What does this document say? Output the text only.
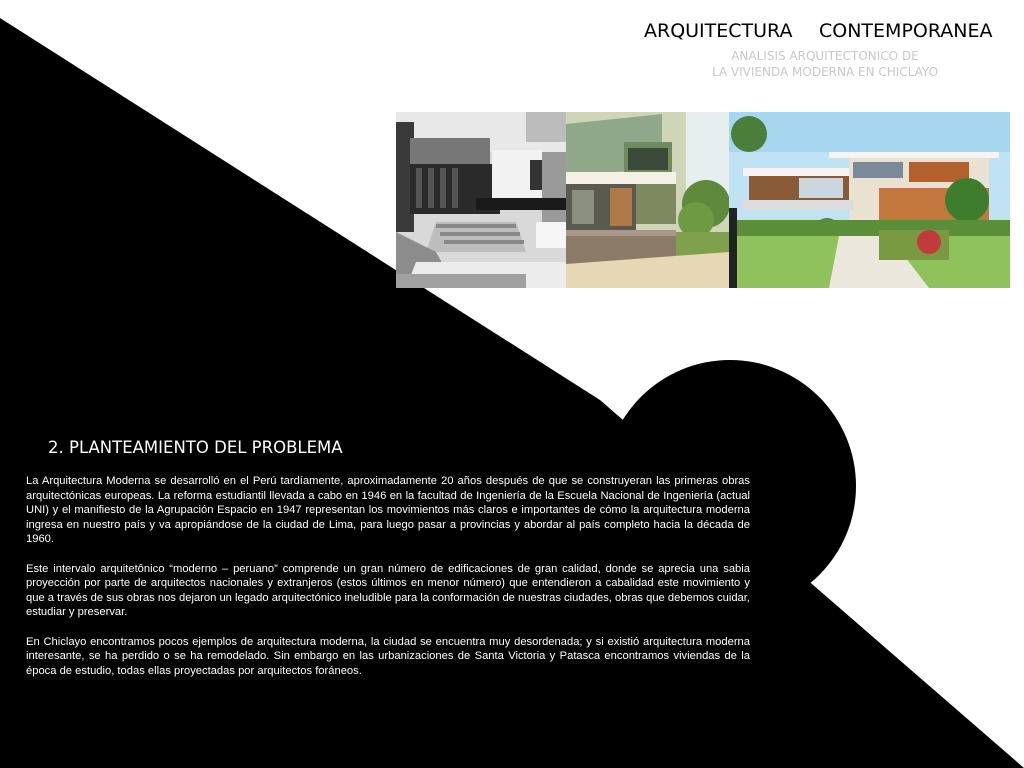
ARQUITECTURA CONTEMPORANEA
ANALISIS ARQUITECTONICO DE
LA VIVIENDA MODERNA EN CHICLAYO
2. PLANTEAMIENTO DEL PROBLEMA

La Arquitectura Moderna se desarrolló en el Perú tardíamente, aproximadamente 20 años después de que se construyeran las primeras obras arquitectónicas europeas. La reforma estudiantil llevada a cabo en 1946 en la facultad de Ingeniería de la Escuela Nacional de Ingeniería (actual UNI) y el manifiesto de la Agrupación Espacio en 1947 representan los movimientos más claros e importantes de cómo la arquitectura moderna ingresa en nuestro país y va apropiándose de la ciudad de Lima, para luego pasar a provincias y abordar al país completo hacia la década de 1960.

Este intervalo arquitetônico “moderno – peruano” comprende un gran número de edificaciones de gran calidad, donde se aprecia una sabia proyección por parte de arquitectos nacionales y extranjeros (estos últimos en menor número) que entendieron a cabalidad este movimiento y que a través de sus obras nos dejaron un legado arquitectónico ineludible para la conformación de nuestras ciudades, obras que debemos cuidar, estudiar y preservar.

En Chiclayo encontramos pocos ejemplos de arquitectura moderna, la ciudad se encuentra muy desordenada; y si existió arquitectura moderna interesante, se ha perdido o se ha remodelado. Sin embargo en las urbanizaciones de Santa Victoria y Patasca encontramos viviendas de la época de estudio, todas ellas proyectadas por arquitectos foráneos.
